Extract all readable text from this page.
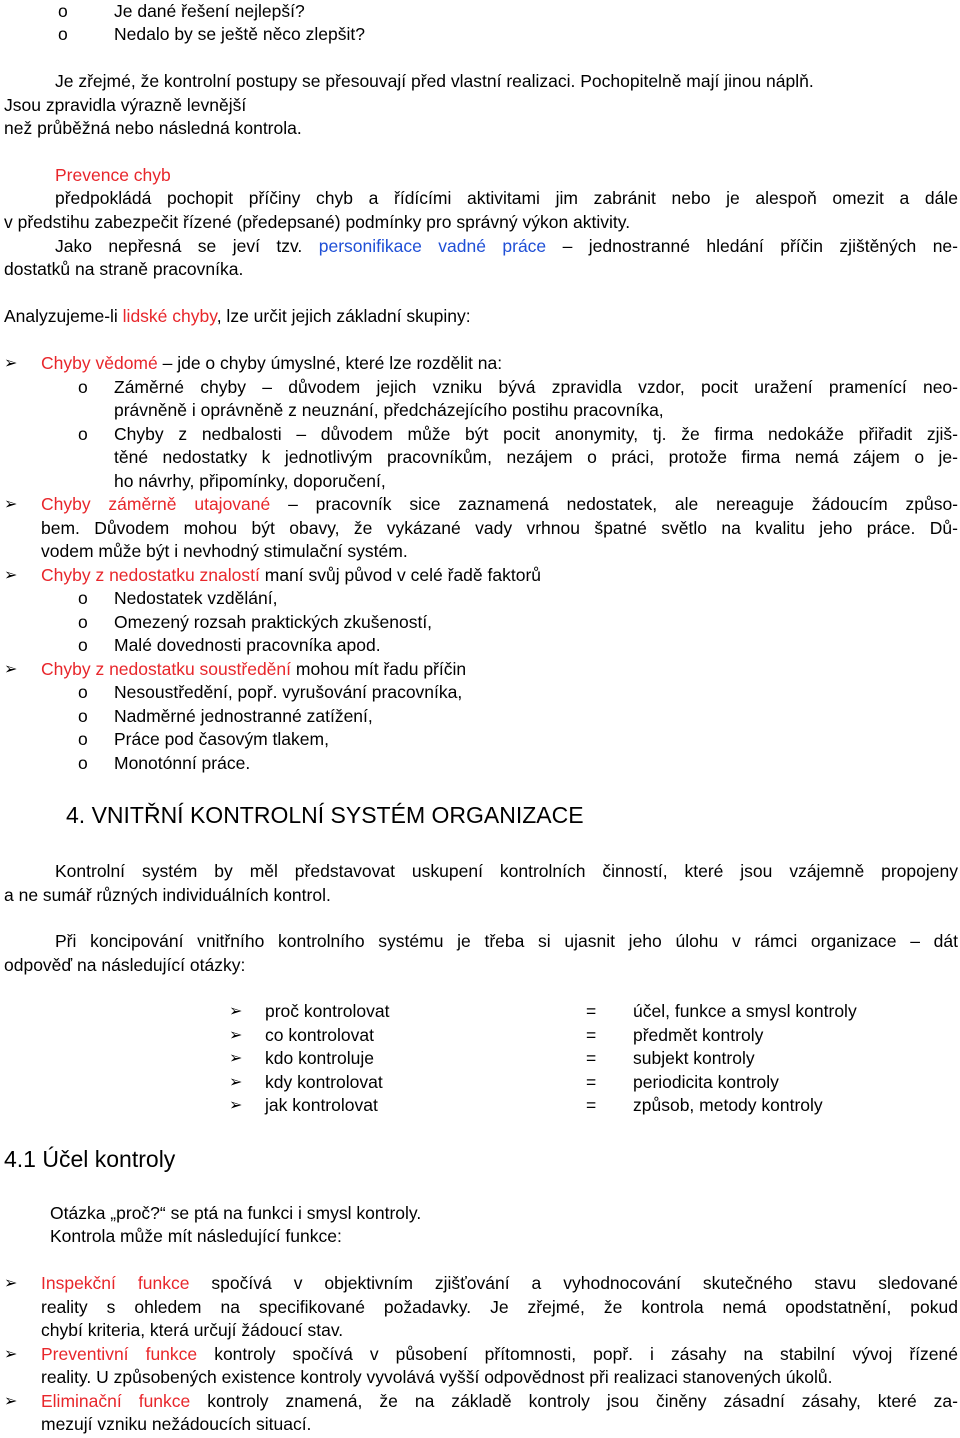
o	Je dané řešení nejlepší?
o	Nedalo by se ještě něco zlepšit?
Je zřejmé, že kontrolní postupy se přesouvají před vlastní realizaci. Pochopitelně mají jinou náplň.
Jsou zpravidla výrazně levnější
než průběžná nebo následná kontrola.
Prevence chyb
předpokládá pochopit příčiny chyb a řídícími aktivitami jim zabránit nebo je alespoň omezit a dále
v předstihu zabezpečit řízené (předepsané) podmínky pro správný výkon aktivity.
Jako nepřesná se jeví tzv. personifikace vadné práce – jednostranné hledání příčin zjištěných ne-
dostatků na straně pracovníka.
Analyzujeme-li lidské chyby, lze určit jejich základní skupiny:
➢ Chyby vědomé – jde o chyby úmyslné, které lze rozdělit na:
o Záměrné chyby – důvodem jejich vzniku bývá zpravidla vzdor, pocit uražení pramenící neo-
právněně i oprávněně z neuznání, předcházejícího postihu pracovníka,
o Chyby z nedbalosti – důvodem může být pocit anonymity, tj. že firma nedokáže přiřadit zjiš-
těné nedostatky k jednotlivým pracovníkům, nezájem o práci, protože firma nemá zájem o je-
ho návrhy, připomínky, doporučení,
➢ Chyby záměrně utajované – pracovník sice zaznamená nedostatek, ale nereaguje žádoucím způso-
bem. Důvodem mohou být obavy, že vykázané vady vrhnou špatné světlo na kvalitu jeho práce. Dů-
vodem může být i nevhodný stimulační systém.
➢ Chyby z nedostatku znalostí maní svůj původ v celé řadě faktorů
o Nedostatek vzdělání,
o Omezený rozsah praktických zkušeností,
o Malé dovednosti pracovníka apod.
➢ Chyby z nedostatku soustředění mohou mít řadu příčin
o Nesoustředění, popř. vyrušování pracovníka,
o Nadměrné jednostranné zatížení,
o Práce pod časovým tlakem,
o Monotónní práce.
4. VNITŘNÍ KONTROLNÍ SYSTÉM ORGANIZACE
Kontrolní systém by měl představovat uskupení kontrolních činností, které jsou vzájemně propojeny
a ne sumář různých individuálních kontrol.
Při koncipování vnitřního kontrolního systému je třeba si ujasnit jeho úlohu v rámci organizace – dát
odpověď na následující otázky:
➢ proč kontrolovat	= účel, funkce a smysl kontroly
➢ co kontrolovat	= předmět kontroly
➢ kdo kontroluje	= subjekt kontroly
➢ kdy kontrolovat	= periodicita kontroly
➢ jak kontrolovat	= způsob, metody kontroly
4.1 Účel kontroly
Otázka „proč?“ se ptá na funkci i smysl kontroly.
Kontrola může mít následující funkce:
➢ Inspekční funkce spočívá v objektivním zjišťování a vyhodnocování skutečného stavu sledované
reality s ohledem na specifikované požadavky. Je zřejmé, že kontrola nemá opodstatnění, pokud
chybí kriteria, která určují žádoucí stav.
➢ Preventivní funkce kontroly spočívá v působení přítomnosti, popř. i zásahy na stabilní vývoj řízené
reality. U způsobených existence kontroly vyvolává vyšší odpovědnost při realizaci stanovených úkolů.
➢ Eliminační funkce kontroly znamená, že na základě kontroly jsou činěny zásadní zásahy, které za-
mezují vzniku nežádoucích situací.
